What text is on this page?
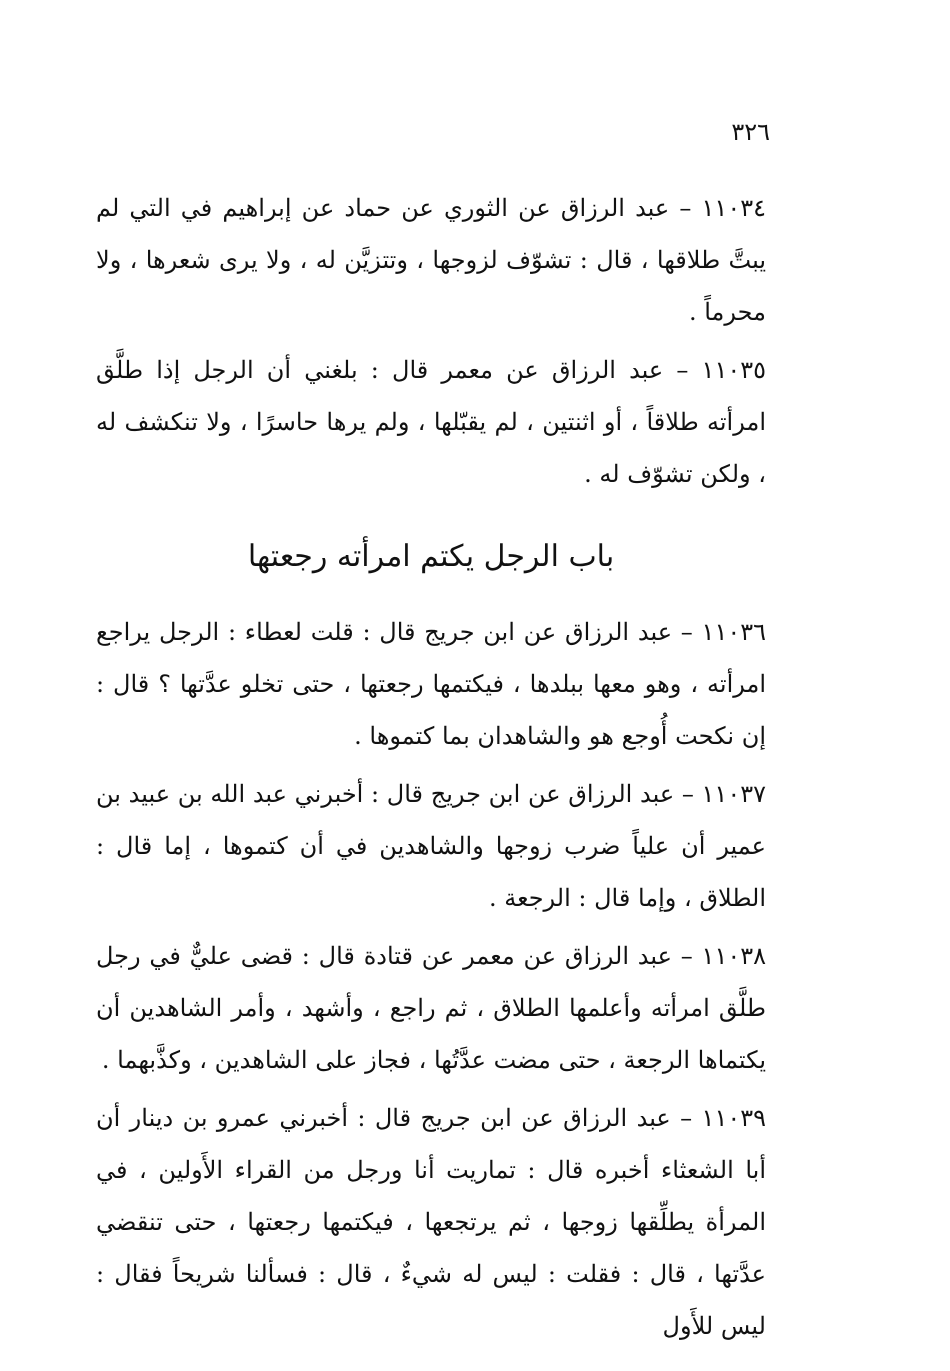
٣٢٦

١١٠٣٤ – عبد الرزاق عن الثوري عن حماد عن إبراهيم في التي لم يبتَّ طلاقها ، قال : تشوّف لزوجها ، وتتزيَّن له ، ولا يرى شعرها ، ولا محرماً .

١١٠٣٥ – عبد الرزاق عن معمر قال : بلغني أن الرجل إذا طلَّق امرأته طلاقاً ، أو اثنتين ، لم يقبّلها ، ولم يرها حاسرًا ، ولا تنكشف له ، ولكن تشوّف له .

باب الرجل يكتم امرأته رجعتها

١١٠٣٦ – عبد الرزاق عن ابن جريج قال : قلت لعطاء : الرجل يراجع امرأته ، وهو معها ببلدها ، فيكتمها رجعتها ، حتى تخلو عدَّتها ؟ قال : إن نكحت أُوجع هو والشاهدان بما كتموها .

١١٠٣٧ – عبد الرزاق عن ابن جريج قال : أخبرني عبد الله بن عبيد بن عمير أن علياً ضرب زوجها والشاهدين في أن كتموها ، إما قال : الطلاق ، وإما قال : الرجعة .

١١٠٣٨ – عبد الرزاق عن معمر عن قتادة قال : قضى عليٌّ في رجل طلَّق امرأته وأعلمها الطلاق ، ثم راجع ، وأشهد ، وأمر الشاهدين أن يكتماها الرجعة ، حتى مضت عدَّتُها ، فجاز على الشاهدين ، وكذَّبهما .

١١٠٣٩ – عبد الرزاق عن ابن جريج قال : أخبرني عمرو بن دينار أن أبا الشعثاء أخبره قال : تماريت أنا ورجل من القراء الأَولين ، في المرأة يطلِّقها زوجها ، ثم يرتجعها ، فيكتمها رجعتها ، حتى تنقضي عدَّتها ، قال : فقلت : ليس له شيءٌ ، قال : فسألنا شريحاً فقال : ليس للأَول
